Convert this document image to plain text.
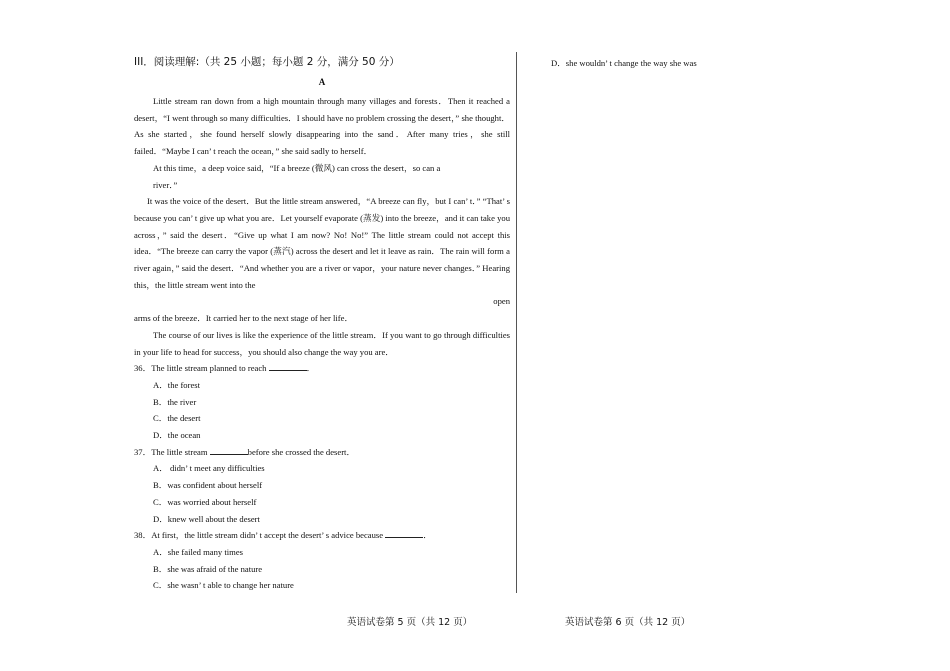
III．阅读理解:（共 25 小题；每小题 2 分，满分 50 分）
A

Little stream ran down from a high mountain through many villages and forests．Then it reached a desert，“I went through so many difficulties．I should have no problem crossing the desert，” she thought．As she started，she found herself slowly disappearing into the sand．After many tries，she still failed．“Maybe I can’ t reach the ocean，” she said sadly to herself．

At this time，a deep voice said，“If a breeze (微风) can cross the desert，so can a

river．”

It was the voice of the desert．But the little stream answered，“A breeze can fly，but I can’ t．” “That’ s because you can’ t give up what you are．Let yourself evaporate (蒸发) into the breeze，and it can take you across，” said the desert．“Give up what I am now? No! No!” The little stream could not accept this idea．“The breeze can carry the vapor (蒸汽) across the desert and let it leave as rain．The rain will form a river again，” said the desert．“And whether you are a river or vapor，your nature never changes．” Hearing this，the little stream went into the

open

arms of the breeze．It carried her to the next stage of her life．

The course of our lives is like the experience of the little stream．If you want to go through difficulties in your life to head for success，you should also change the way you are．

36．The little stream planned to reach	．
A．the forest
B．the river
C．the desert
D．the ocean
37．The little stream	before she crossed the desert．
A． didn’ t meet any difficulties
B．was confident about herself
C．was worried about herself
D．knew well about the desert
38．At first，the little stream didn’ t accept the desert’ s advice because	．
A．she failed many times
B．she was afraid of the nature
C．she wasn’ t able to change her nature
D．she wouldn’ t change the way she was
英语试卷第 5 页（共 12 页）	英语试卷第 6 页（共 12 页）
